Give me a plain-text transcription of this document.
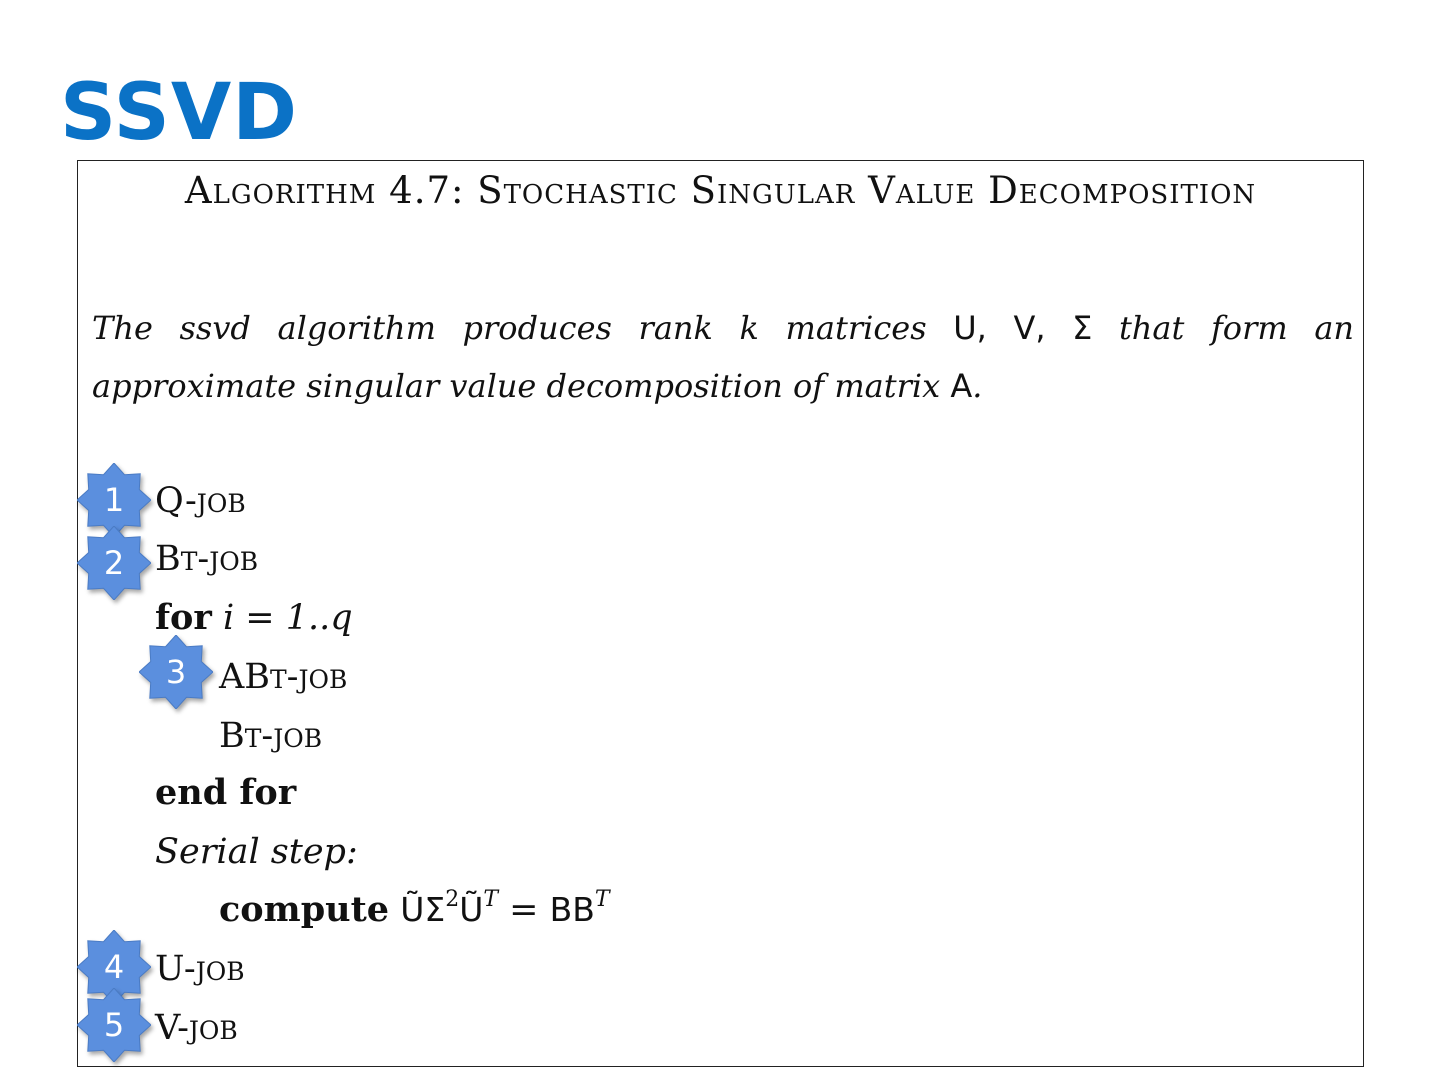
SSVD
Algorithm 4.7: Stochastic Singular Value Decomposition
The ssvd algorithm produces rank k matrices U, V, Σ that form an approximate singular value decomposition of matrix A.
Q-job
Bt-job
for i = 1..q
ABt-job
Bt-job
end for
Serial step:
compute $Ũ\Sigma^2Ũ^T = BB^T$
U-job
V-job
1
2
3
4
5
